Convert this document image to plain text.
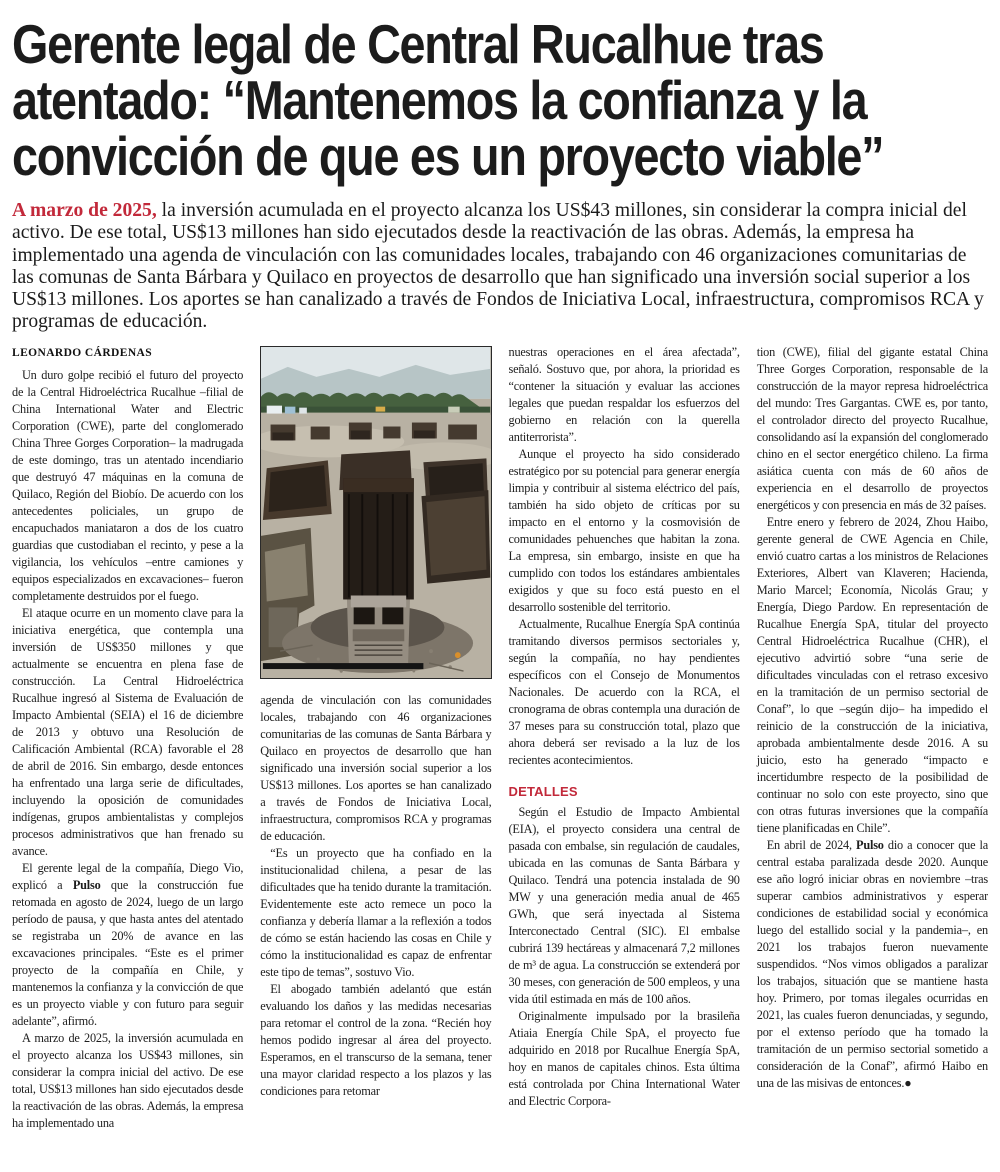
Gerente legal de Central Rucalhue tras
atentado: “Mantenemos la confianza y la
convicción de que es un proyecto viable”

A marzo de 2025, la inversión acumulada en el proyecto alcanza los US$43 millones, sin considerar la compra inicial del activo. De ese total, US$13 millones han sido ejecutados desde la reactivación de las obras. Además, la empresa ha implementado una agenda de vinculación con las comunidades locales, trabajando con 46 organizaciones comunitarias de las comunas de Santa Bárbara y Quilaco en proyectos de desarrollo que han significado una inversión social superior a los US$13 millones. Los aportes se han canalizado a través de Fondos de Iniciativa Local, infraestructura, compromisos RCA y programas de educación.

LEONARDO CÁRDENAS

Un duro golpe recibió el futuro del proyecto de la Central Hidroeléctrica Rucalhue –filial de China International Water and Electric Corporation (CWE), parte del conglomerado China Three Gorges Corporation– la madrugada de este domingo, tras un atentado incendiario que destruyó 47 máquinas en la comuna de Quilaco, Región del Biobío. De acuerdo con los antecedentes policiales, un grupo de encapuchados maniataron a dos de los cuatro guardias que custodiaban el recinto, y pese a la vigilancia, los vehículos –entre camiones y equipos especializados en excavaciones– fueron completamente destruidos por el fuego.

El ataque ocurre en un momento clave para la iniciativa energética, que contempla una inversión de US$350 millones y que actualmente se encuentra en plena fase de construcción. La Central Hidroeléctrica Rucalhue ingresó al Sistema de Evaluación de Impacto Ambiental (SEIA) el 16 de diciembre de 2013 y obtuvo una Resolución de Calificación Ambiental (RCA) favorable el 28 de abril de 2016. Sin embargo, desde entonces ha enfrentado una larga serie de dificultades, incluyendo la oposición de comunidades indígenas, grupos ambientalistas y complejos procesos administrativos que han frenado su avance.

El gerente legal de la compañía, Diego Vio, explicó a Pulso que la construcción fue retomada en agosto de 2024, luego de un largo período de pausa, y que hasta antes del atentado se registraba un 20% de avance en las excavaciones principales. “Este es el primer proyecto de la compañía en Chile, y mantenemos la confianza y la convicción de que es un proyecto viable y con futuro para seguir adelante”, afirmó.

A marzo de 2025, la inversión acumulada en el proyecto alcanza los US$43 millones, sin considerar la compra inicial del activo. De ese total, US$13 millones han sido ejecutados desde la reactivación de las obras. Además, la empresa ha implementado una

agenda de vinculación con las comunidades locales, trabajando con 46 organizaciones comunitarias de las comunas de Santa Bárbara y Quilaco en proyectos de desarrollo que han significado una inversión social superior a los US$13 millones. Los aportes se han canalizado a través de Fondos de Iniciativa Local, infraestructura, compromisos RCA y programas de educación.

“Es un proyecto que ha confiado en la institucionalidad chilena, a pesar de las dificultades que ha tenido durante la tramitación. Evidentemente este acto remece un poco la confianza y debería llamar a la reflexión a todos de cómo se están haciendo las cosas en Chile y cómo la institucionalidad es capaz de enfrentar este tipo de temas”, sostuvo Vio.

El abogado también adelantó que están evaluando los daños y las medidas necesarias para retomar el control de la zona. “Recién hoy hemos podido ingresar al área del proyecto. Esperamos, en el transcurso de la semana, tener una mayor claridad respecto a los plazos y las condiciones para retomar

nuestras operaciones en el área afectada”, señaló. Sostuvo que, por ahora, la prioridad es “contener la situación y evaluar las acciones legales que puedan respaldar los esfuerzos del gobierno en relación con la querella antiterrorista”.

Aunque el proyecto ha sido considerado estratégico por su potencial para generar energía limpia y contribuir al sistema eléctrico del país, también ha sido objeto de críticas por su impacto en el entorno y la cosmovisión de comunidades pehuenches que habitan la zona. La empresa, sin embargo, insiste en que ha cumplido con todos los estándares ambientales exigidos y que su foco está puesto en el desarrollo sostenible del territorio.

Actualmente, Rucalhue Energía SpA continúa tramitando diversos permisos sectoriales y, según la compañía, no hay pendientes específicos con el Consejo de Monumentos Nacionales. De acuerdo con la RCA, el cronograma de obras contempla una duración de 37 meses para su construcción total, plazo que ahora deberá ser revisado a la luz de los recientes acontecimientos.

DETALLES

Según el Estudio de Impacto Ambiental (EIA), el proyecto considera una central de pasada con embalse, sin regulación de caudales, ubicada en las comunas de Santa Bárbara y Quilaco. Tendrá una potencia instalada de 90 MW y una generación media anual de 465 GWh, que será inyectada al Sistema Interconectado Central (SIC). El embalse cubrirá 139 hectáreas y almacenará 7,2 millones de m³ de agua. La construcción se extenderá por 30 meses, con generación de 500 empleos, y una vida útil estimada en más de 100 años.

Originalmente impulsado por la brasileña Atiaia Energía Chile SpA, el proyecto fue adquirido en 2018 por Rucalhue Energía SpA, hoy en manos de capitales chinos. Esta última está controlada por China International Water and Electric Corpora-

tion (CWE), filial del gigante estatal China Three Gorges Corporation, responsable de la construcción de la mayor represa hidroeléctrica del mundo: Tres Gargantas. CWE es, por tanto, el controlador directo del proyecto Rucalhue, consolidando así la expansión del conglomerado chino en el sector energético chileno. La firma asiática cuenta con más de 60 años de experiencia en el desarrollo de proyectos energéticos y con presencia en más de 32 países.

Entre enero y febrero de 2024, Zhou Haibo, gerente general de CWE Agencia en Chile, envió cuatro cartas a los ministros de Relaciones Exteriores, Albert van Klaveren; Hacienda, Mario Marcel; Economía, Nicolás Grau; y Energía, Diego Pardow. En representación de Rucalhue Energía SpA, titular del proyecto Central Hidroeléctrica Rucalhue (CHR), el ejecutivo advirtió sobre “una serie de dificultades vinculadas con el retraso excesivo en la tramitación de un permiso sectorial de Conaf”, lo que –según dijo– ha impedido el reinicio de la construcción de la iniciativa, aprobada ambientalmente desde 2016. A su juicio, esto ha generado “impacto e incertidumbre respecto de la posibilidad de continuar no solo con este proyecto, sino que con otras futuras inversiones que la compañía tiene planificadas en Chile”.

En abril de 2024, Pulso dio a conocer que la central estaba paralizada desde 2020. Aunque ese año logró iniciar obras en noviembre –tras superar cambios administrativos y esperar condiciones de estabilidad social y económica luego del estallido social y la pandemia–, en 2021 los trabajos fueron nuevamente suspendidos. “Nos vimos obligados a paralizar los trabajos, situación que se mantiene hasta hoy. Primero, por tomas ilegales ocurridas en 2021, las cuales fueron denunciadas, y segundo, por el extenso período que ha tomado la tramitación de un permiso sectorial sometido a consideración de la Conaf”, afirmó Haibo en una de las misivas de entonces.●
